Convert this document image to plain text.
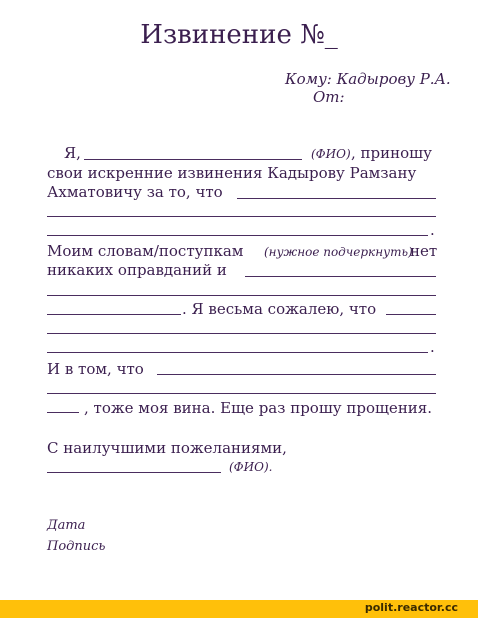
Извинение №_
Кому: Кадырову Р.А.
От:
Я,	(ФИО) , приношу
свои искренние извинения Кадырову Рамзану
Ахматовичу за то, что
.
Моим словам/поступкам (нужное подчеркнуть)
нет
никаких оправданий и
. Я весьма сожалею, что
.
И в том, что
, тоже моя вина. Еще раз прошу прощения.
С наилучшими пожеланиями,
(ФИО).
Дата
Подпись
polit.reactor.cc
